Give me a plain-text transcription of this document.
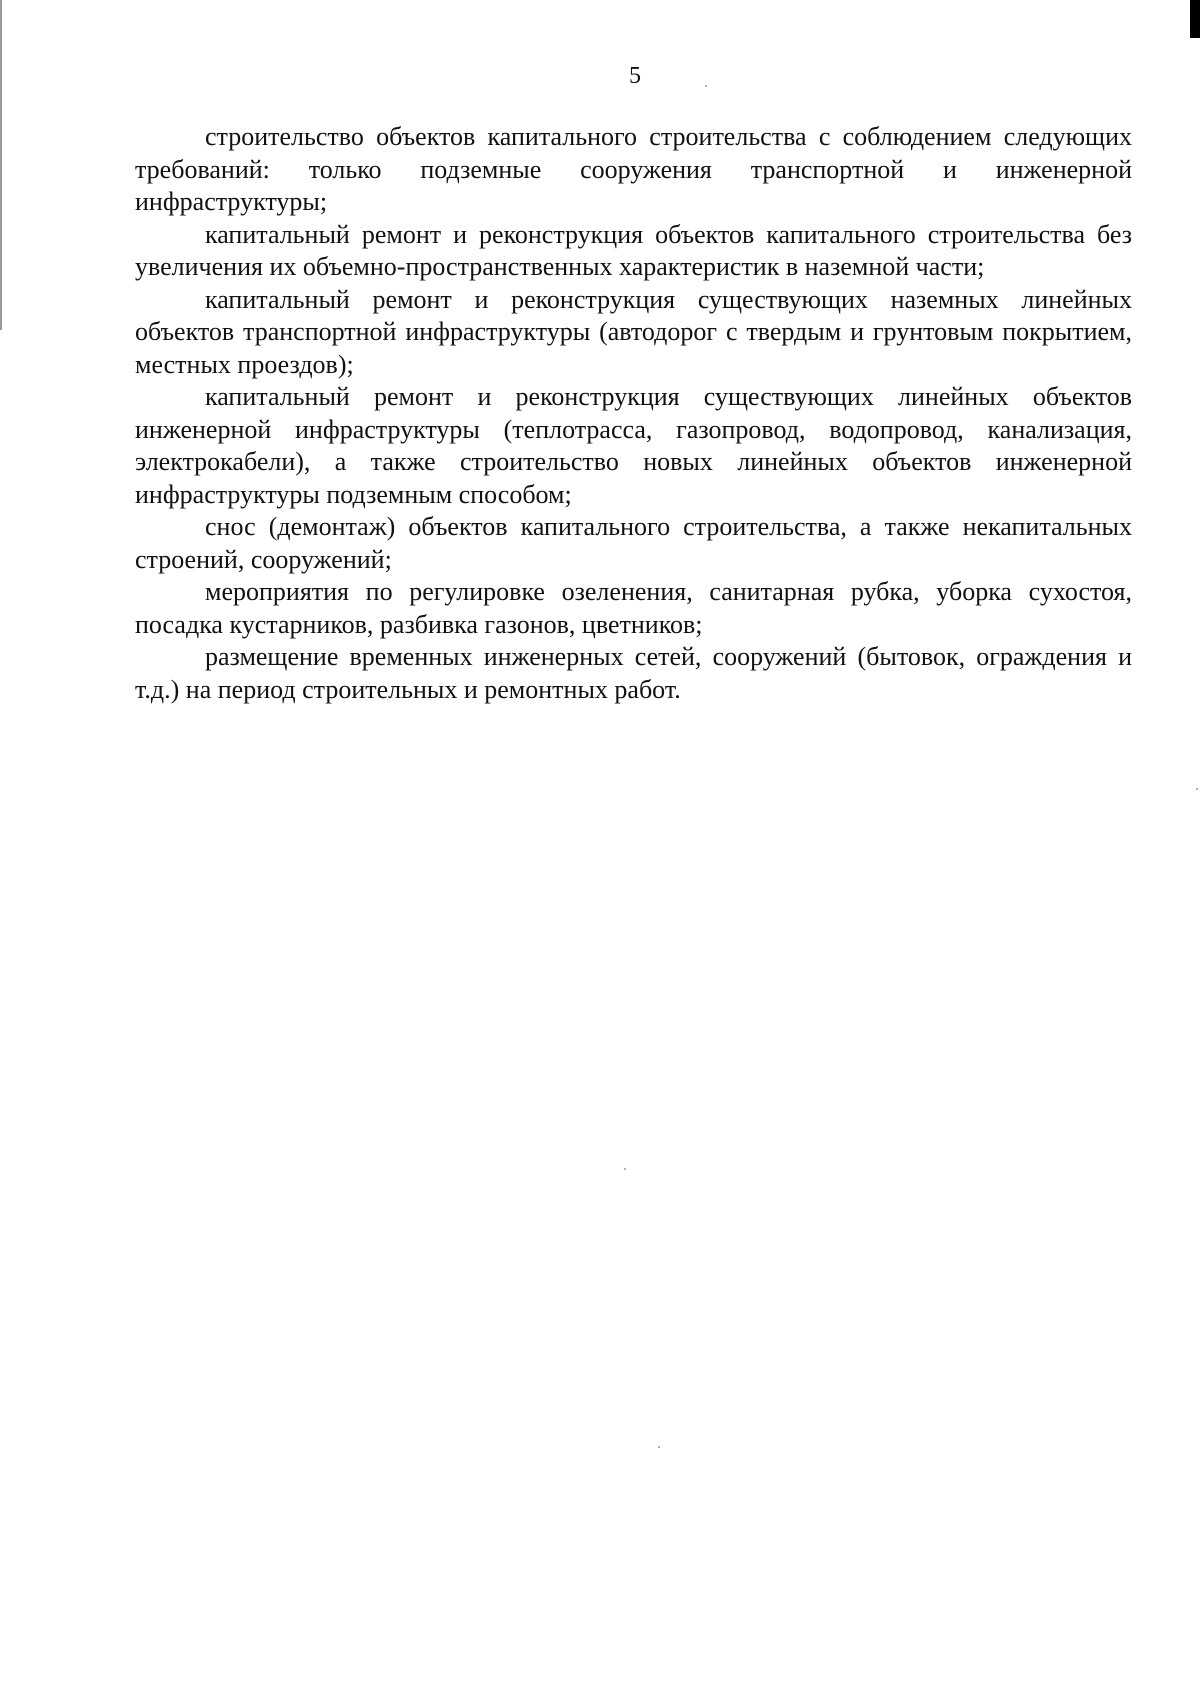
5

строительство объектов капитального строительства с соблюдением следующих требований: только подземные сооружения транспортной и инженерной инфраструктуры;

капитальный ремонт и реконструкция объектов капитального строительства без увеличения их объемно-пространственных характеристик в наземной части;

капитальный ремонт и реконструкция существующих наземных линейных объектов транспортной инфраструктуры (автодорог с твердым и грунтовым покрытием, местных проездов);

капитальный ремонт и реконструкция существующих линейных объектов инженерной инфраструктуры (теплотрасса, газопровод, водопровод, канализация, электрокабели), а также строительство новых линейных объектов инженерной инфраструктуры подземным способом;

снос (демонтаж) объектов капитального строительства, а также некапитальных строений, сооружений;

мероприятия по регулировке озеленения, санитарная рубка, уборка сухостоя, посадка кустарников, разбивка газонов, цветников;

размещение временных инженерных сетей, сооружений (бытовок, ограждения и т.д.) на период строительных и ремонтных работ.
